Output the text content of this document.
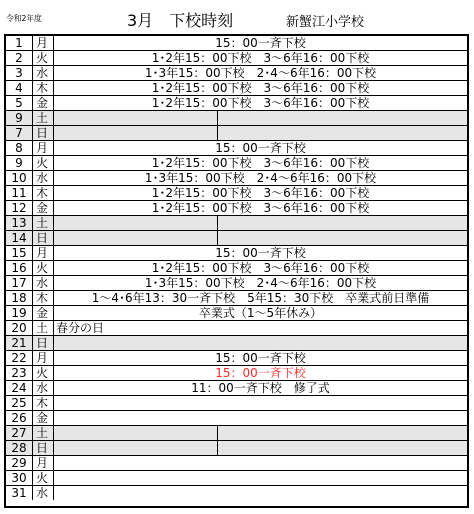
令和2年度	3月　下校時刻	新蟹江小学校
1	月	15：00一斉下校
2	火	1･2年15：00下校　3～6年16：00下校
3	水	1･3年15：00下校　2･4～6年16：00下校
4	木	1･2年15：00下校　3～6年16：00下校
5	金	1･2年15：00下校　3～6年16：00下校
9	土
7	日
8	月	15：00一斉下校
9	火	1･2年15：00下校　3～6年16：00下校
10 水	1･3年15：00下校　2･4～6年16：00下校
11 木	1･2年15：00下校　3～6年16：00下校
12 金	1･2年15：00下校　3～6年16：00下校
13 土
14 日
15 月	15：00一斉下校
16 火	1･2年15：00下校　3～6年16：00下校
17 水	1･3年15：00下校　2･4～6年16：00下校
18 木	1～4･6年13：30一斉下校　5年15：30下校　卒業式前日準備
19 金	卒業式（1～5年休み）
20 土 春分の日
21 日
22 月	15：00一斉下校
23 火	15：00一斉下校
24 水	11：00一斉下校　修了式
25 木
26 金
27 土
28 日
29 月
30 火
31 水
